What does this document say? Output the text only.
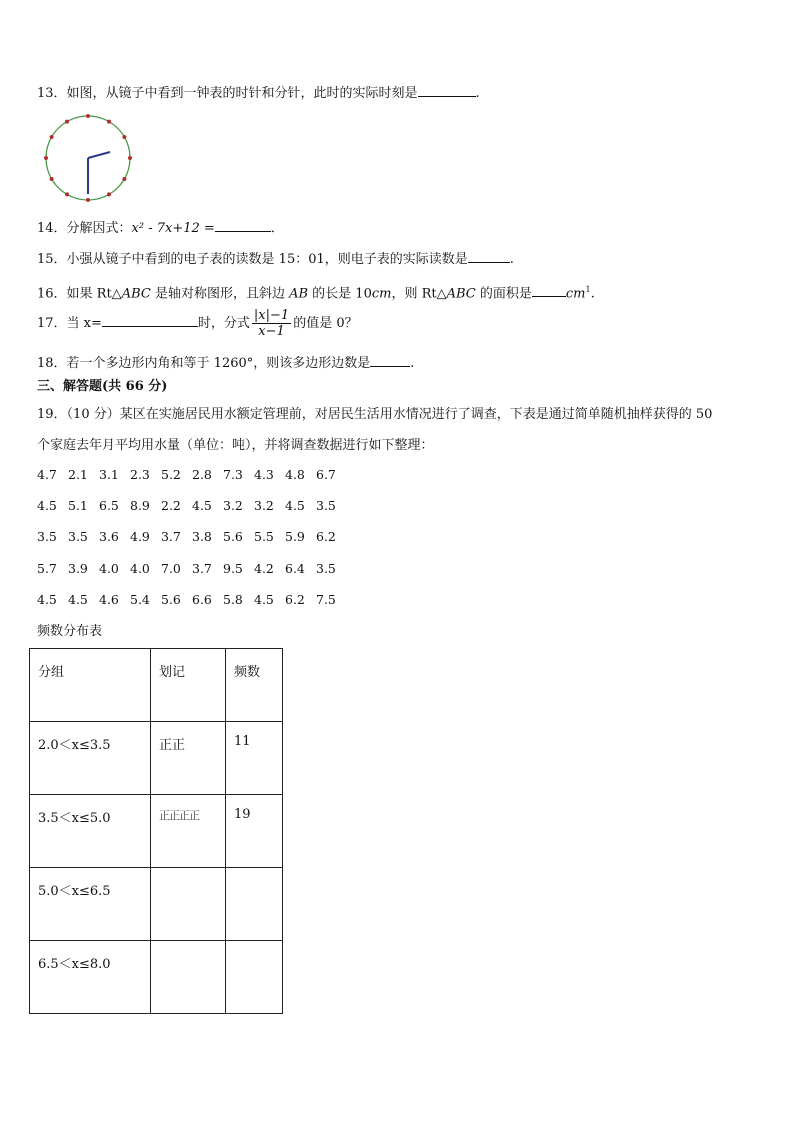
13．如图，从镜子中看到一钟表的时针和分针，此时的实际时刻是	.
14．分解因式：x² - 7x+12 =	．
15．小强从镜子中看到的电子表的读数是 15：01，则电子表的实际读数是	.
16．如果 Rt△ABC 是轴对称图形，且斜边 AB 的长是 10cm，则 Rt△ABC 的面积是	$cm^1$.
17．当 x=	时，分式 $\frac{|x|-1}{x-1}$ 的值是 0？
18．若一个多边形内角和等于 1260°，则该多边形边数是	.
三、解答题(共 66 分)
19．（10 分）某区在实施居民用水额定管理前，对居民生活用水情况进行了调查，下表是通过简单随机抽样获得的 50
个家庭去年月平均用水量（单位：吨），并将调查数据进行如下整理：
4.7 2.1 3.1 2.3 5.2 2.8 7.3 4.3 4.8 6.7
4.5 5.1 6.5 8.9 2.2 4.5 3.2 3.2 4.5 3.5
3.5 3.5 3.6 4.9 3.7 3.8 5.6 5.5 5.9 6.2
5.7 3.9 4.0 4.0 7.0 3.7 9.5 4.2 6.4 3.5
4.5 4.5 4.6 5.4 5.6 6.6 5.8 4.5 6.2 7.5
频数分布表
分组	划记	频数
2.0＜x≤3.5	正正	11
3.5＜x≤5.0	正正正正	19
5.0＜x≤6.5		
6.5＜x≤8.0		
